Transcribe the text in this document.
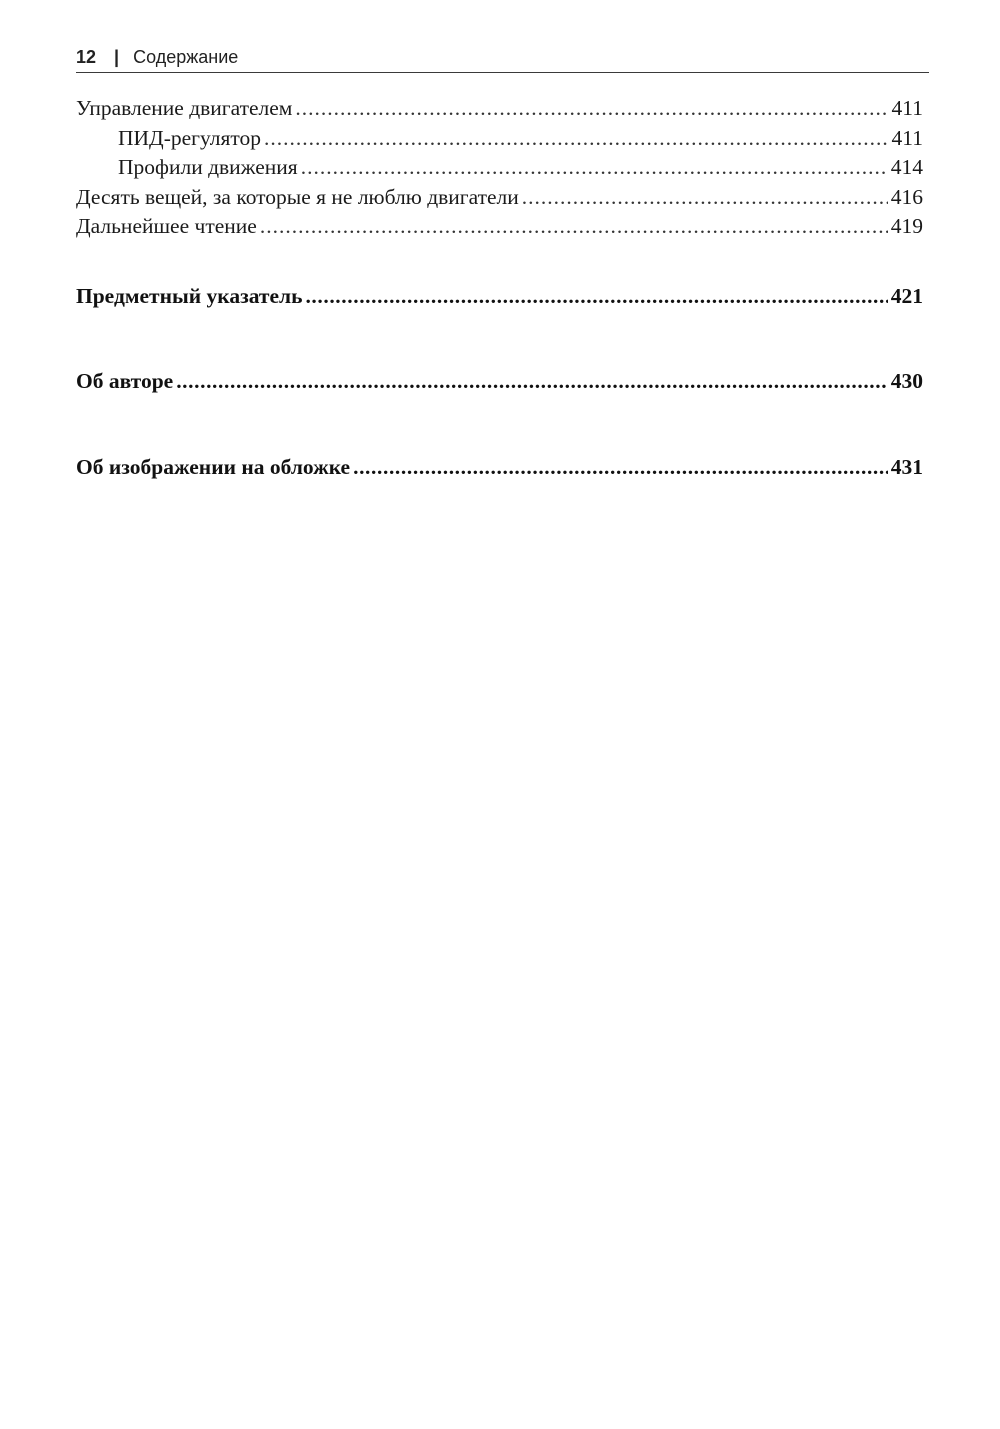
12 | Содержание
Управление двигателем .....	411
ПИД-регулятор .....	411
Профили движения .....	414
Десять вещей, за которые я не люблю двигатели .....	416
Дальнейшее чтение .....	419
Предметный указатель .....	421
Об авторе .....	430
Об изображении на обложке .....	431
